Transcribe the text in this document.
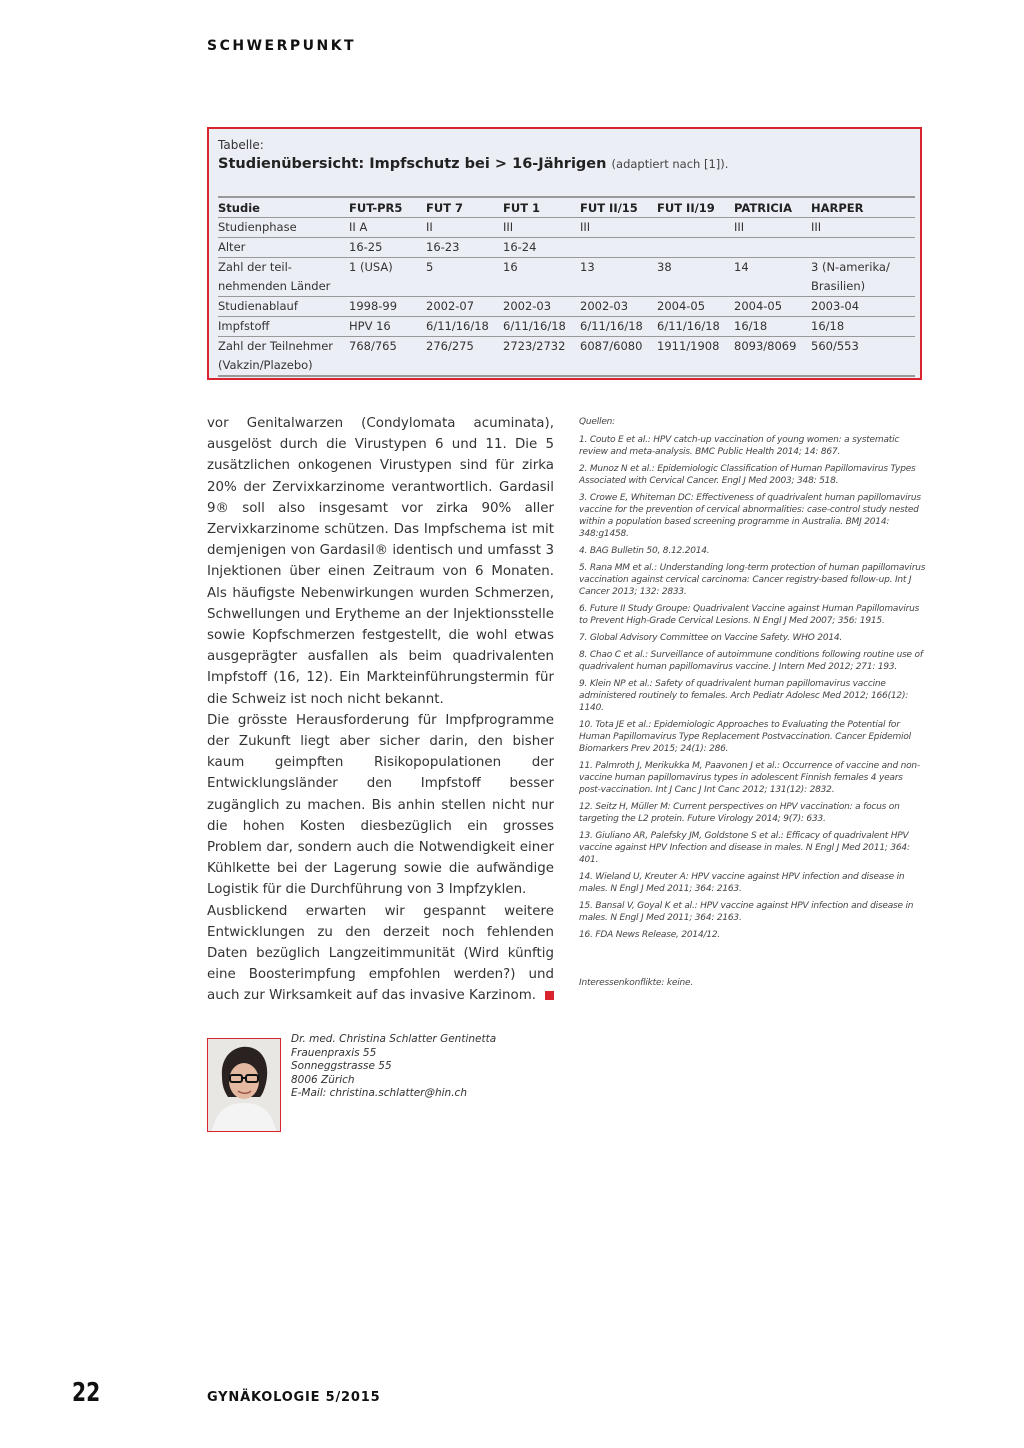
SCHWERPUNKT
Tabelle:
Studienübersicht: Impfschutz bei > 16-Jährigen (adaptiert nach [1]).
Studie	FUT-PR5	FUT 7	FUT 1	FUT II/15	FUT II/19	PATRICIA	HARPER
Studienphase	II A	II	III	III		III	III
Alter	16-25	16-23	16-24				
Zahl der teil-	1 (USA)	5	16	13	38	14	3 (N-amerika/
nehmenden Länder							Brasilien)
Studienablauf	1998-99	2002-07	2002-03	2002-03	2004-05	2004-05	2003-04
Impfstoff	HPV 16	6/11/16/18	6/11/16/18	6/11/16/18	6/11/16/18	16/18	16/18
Zahl der Teilnehmer	768/765	276/275	2723/2732	6087/6080	1911/1908	8093/8069	560/553
(Vakzin/Plazebo)							

vor Genitalwarzen (Condylomata acuminata), ausgelöst durch die Virustypen 6 und 11. Die 5 zusätzlichen onkogenen Virustypen sind für zirka 20% der Zervixkarzinome verantwortlich. Gardasil 9® soll also insgesamt vor zirka 90% aller Zervixkarzinome schützen. Das Impfschema ist mit demjenigen von Gardasil® identisch und umfasst 3 Injektionen über einen Zeitraum von 6 Monaten. Als häufigste Nebenwirkungen wurden Schmerzen, Schwellungen und Erytheme an der Injektionsstelle sowie Kopfschmerzen festgestellt, die wohl etwas ausgeprägter ausfallen als beim quadrivalenten Impfstoff (16, 12). Ein Markteinführungstermin für die Schweiz ist noch nicht bekannt.

Die grösste Herausforderung für Impfprogramme der Zukunft liegt aber sicher darin, den bisher kaum geimpften Risikopopulationen der Entwicklungsländer den Impfstoff besser zugänglich zu machen. Bis anhin stellen nicht nur die hohen Kosten diesbezüglich ein grosses Problem dar, sondern auch die Notwendigkeit einer Kühlkette bei der Lagerung sowie die aufwändige Logistik für die Durchführung von 3 Impfzyklen.

Ausblickend erwarten wir gespannt weitere Entwicklungen zu den derzeit noch fehlenden Daten bezüglich Langzeitimmunität (Wird künftig eine Boosterimpfung empfohlen werden?) und auch zur Wirksamkeit auf das invasive Karzinom.

Quellen:
1. Couto E et al.: HPV catch-up vaccination of young women: a systematic review and meta-analysis. BMC Public Health 2014; 14: 867.
2. Munoz N et al.: Epidemiologic Classification of Human Papillomavirus Types Associated with Cervical Cancer. Engl J Med 2003; 348: 518.
3. Crowe E, Whiteman DC: Effectiveness of quadrivalent human papillomavirus vaccine for the prevention of cervical abnormalities: case-control study nested within a population based screening programme in Australia. BMJ 2014: 348:g1458.
4. BAG Bulletin 50, 8.12.2014.
5. Rana MM et al.: Understanding long-term protection of human papillomavirus vaccination against cervical carcinoma: Cancer registry-based follow-up. Int J Cancer 2013; 132: 2833.
6. Future II Study Groupe: Quadrivalent Vaccine against Human Papillomavirus to Prevent High-Grade Cervical Lesions. N Engl J Med 2007; 356: 1915.
7. Global Advisory Committee on Vaccine Safety. WHO 2014.
8. Chao C et al.: Surveillance of autoimmune conditions following routine use of quadrivalent human papillomavirus vaccine. J Intern Med 2012; 271: 193.
9. Klein NP et al.: Safety of quadrivalent human papillomavirus vaccine administered routinely to females. Arch Pediatr Adolesc Med 2012; 166(12): 1140.
10. Tota JE et al.: Epidemiologic Approaches to Evaluating the Potential for Human Papillomavirus Type Replacement Postvaccination. Cancer Epidemiol Biomarkers Prev 2015; 24(1): 286.
11. Palmroth J, Merikukka M, Paavonen J et al.: Occurrence of vaccine and non-vaccine human papillomavirus types in adolescent Finnish females 4 years post-vaccination. Int J Canc J Int Canc 2012; 131(12): 2832.
12. Seitz H, Müller M: Current perspectives on HPV vaccination: a focus on targeting the L2 protein. Future Virology 2014; 9(7): 633.
13. Giuliano AR, Palefsky JM, Goldstone S et al.: Efficacy of quadrivalent HPV vaccine against HPV Infection and disease in males. N Engl J Med 2011; 364: 401.
14. Wieland U, Kreuter A: HPV vaccine against HPV infection and disease in males. N Engl J Med 2011; 364: 2163.
15. Bansal V, Goyal K et al.: HPV vaccine against HPV infection and disease in males. N Engl J Med 2011; 364: 2163.
16. FDA News Release, 2014/12.
Interessenkonflikte: keine.
Dr. med. Christina Schlatter Gentinetta
Frauenpraxis 55
Sonneggstrasse 55
8006 Zürich
E-Mail: christina.schlatter@hin.ch
22	GYNÄKOLOGIE 5/2015
